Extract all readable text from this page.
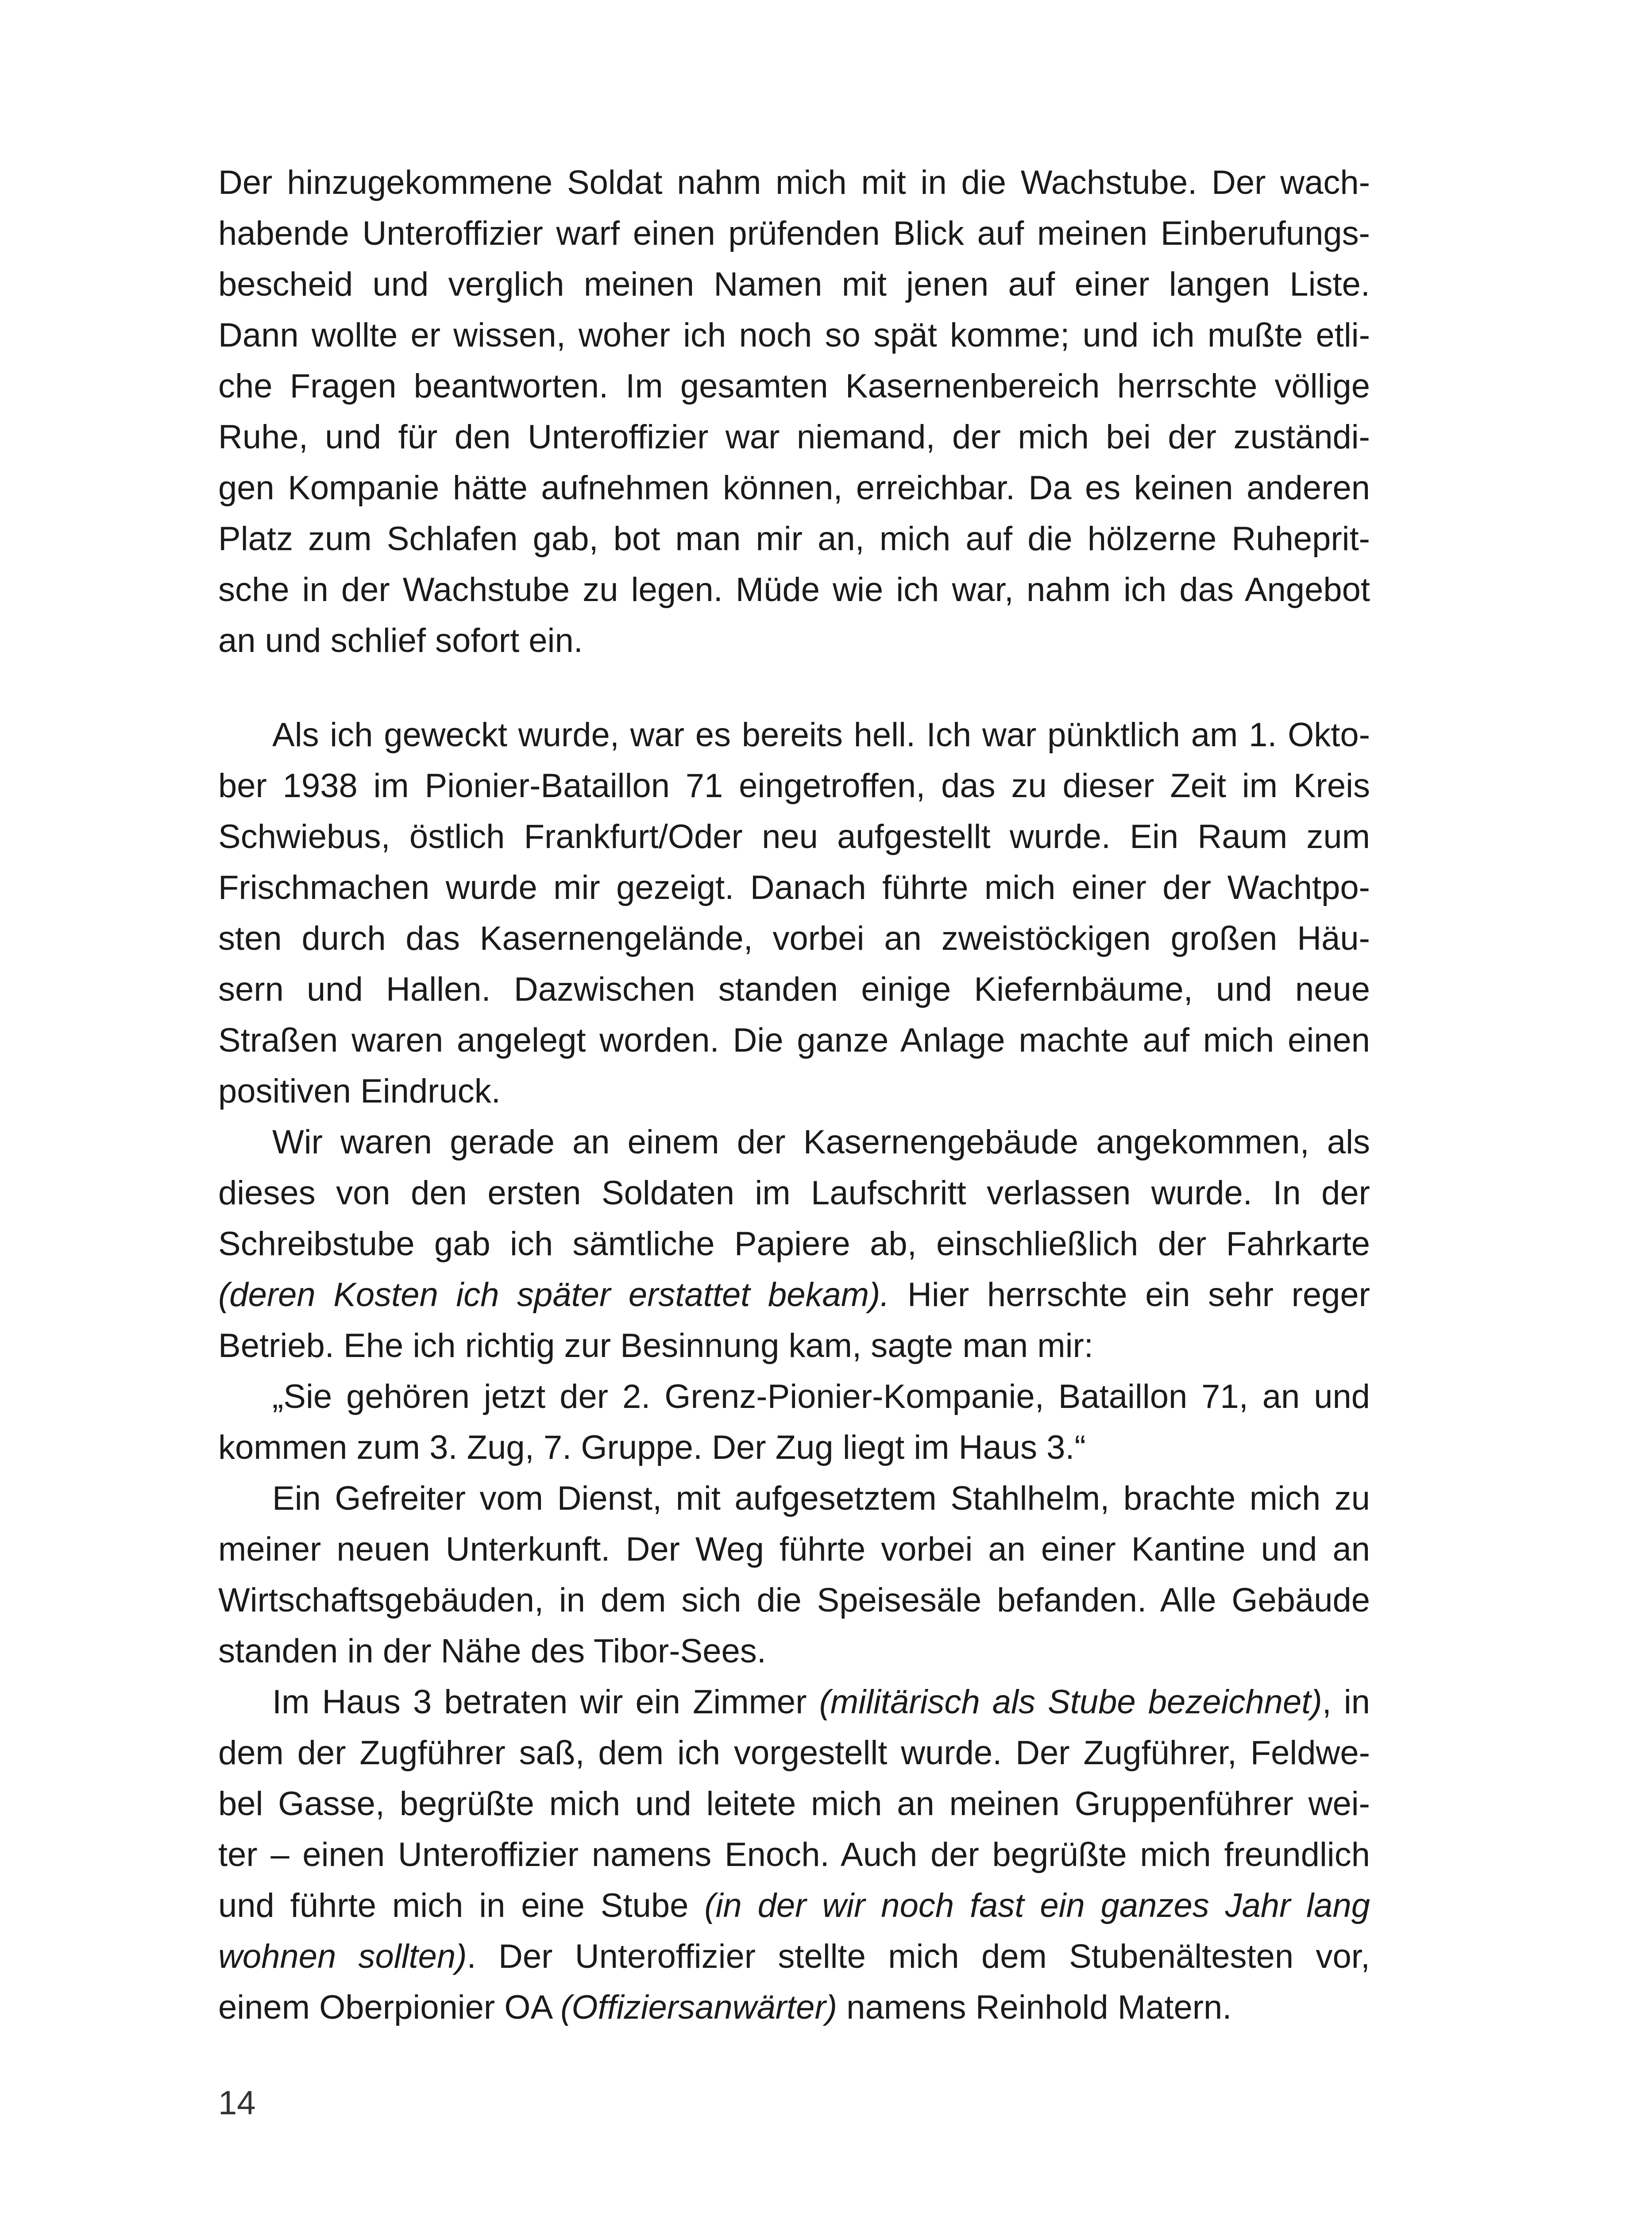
Der hinzugekommene Soldat nahm mich mit in die Wachstube. Der wach-
habende Unteroffizier warf einen prüfenden Blick auf meinen Einberufungs-
bescheid und verglich meinen Namen mit jenen auf einer langen Liste.
Dann wollte er wissen, woher ich noch so spät komme; und ich mußte etli-
che Fragen beantworten. Im gesamten Kasernenbereich herrschte völlige
Ruhe, und für den Unteroffizier war niemand, der mich bei der zuständi-
gen Kompanie hätte aufnehmen können, erreichbar. Da es keinen anderen
Platz zum Schlafen gab, bot man mir an, mich auf die hölzerne Ruheprit-
sche in der Wachstube zu legen. Müde wie ich war, nahm ich das Angebot
an und schlief sofort ein.
Als ich geweckt wurde, war es bereits hell. Ich war pünktlich am 1. Okto-
ber 1938 im Pionier-Bataillon 71 eingetroffen, das zu dieser Zeit im Kreis
Schwiebus, östlich Frankfurt/Oder neu aufgestellt wurde. Ein Raum zum
Frischmachen wurde mir gezeigt. Danach führte mich einer der Wachtpo-
sten durch das Kasernengelände, vorbei an zweistöckigen großen Häu-
sern und Hallen. Dazwischen standen einige Kiefernbäume, und neue
Straßen waren angelegt worden. Die ganze Anlage machte auf mich einen
positiven Eindruck.
Wir waren gerade an einem der Kasernengebäude angekommen, als
dieses von den ersten Soldaten im Laufschritt verlassen wurde. In der
Schreibstube gab ich sämtliche Papiere ab, einschließlich der Fahrkarte
(deren Kosten ich später erstattet bekam). Hier herrschte ein sehr reger
Betrieb. Ehe ich richtig zur Besinnung kam, sagte man mir:
„Sie gehören jetzt der 2. Grenz-Pionier-Kompanie, Bataillon 71, an und
kommen zum 3. Zug, 7. Gruppe. Der Zug liegt im Haus 3.“
Ein Gefreiter vom Dienst, mit aufgesetztem Stahlhelm, brachte mich zu
meiner neuen Unterkunft. Der Weg führte vorbei an einer Kantine und an
Wirtschaftsgebäuden, in dem sich die Speisesäle befanden. Alle Gebäude
standen in der Nähe des Tibor-Sees.
Im Haus 3 betraten wir ein Zimmer (militärisch als Stube bezeichnet), in
dem der Zugführer saß, dem ich vorgestellt wurde. Der Zugführer, Feldwe-
bel Gasse, begrüßte mich und leitete mich an meinen Gruppenführer wei-
ter – einen Unteroffizier namens Enoch. Auch der begrüßte mich freundlich
und führte mich in eine Stube (in der wir noch fast ein ganzes Jahr lang
wohnen sollten). Der Unteroffizier stellte mich dem Stubenältesten vor,
einem Oberpionier OA (Offiziersanwärter) namens Reinhold Matern.
14
